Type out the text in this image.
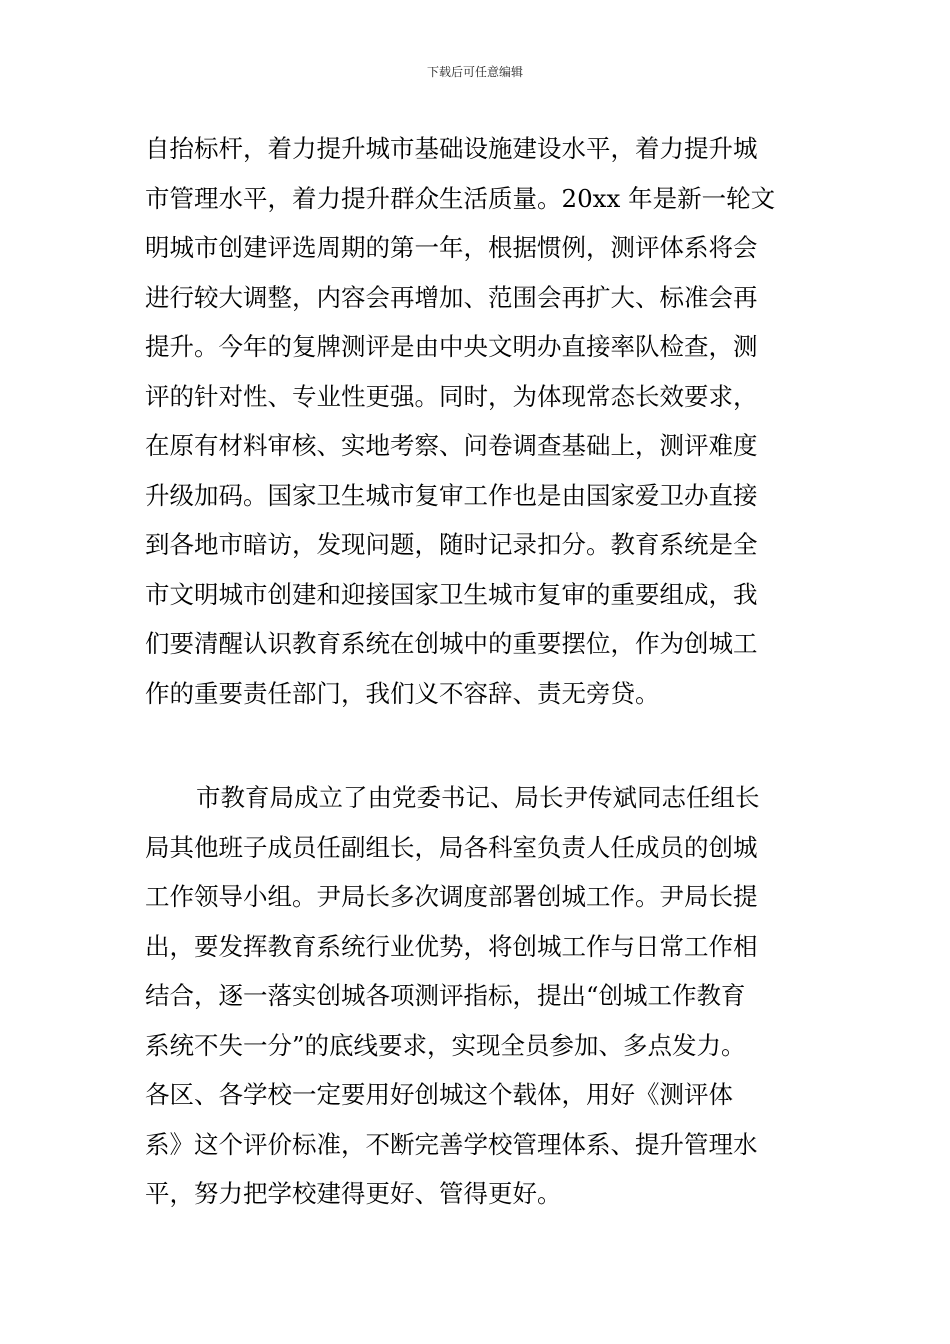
下载后可任意编辑
自抬标杆，着力提升城市基础设施建设水平，着力提升城
市管理水平，着力提升群众生活质量。20xx 年是新一轮文
明城市创建评选周期的第一年，根据惯例，测评体系将会
进行较大调整，内容会再增加、范围会再扩大、标准会再
提升。今年的复牌测评是由中央文明办直接率队检查，测
评的针对性、专业性更强。同时，为体现常态长效要求，
在原有材料审核、实地考察、问卷调查基础上，测评难度
升级加码。国家卫生城市复审工作也是由国家爱卫办直接
到各地市暗访，发现问题，随时记录扣分。教育系统是全
市文明城市创建和迎接国家卫生城市复审的重要组成，我
们要清醒认识教育系统在创城中的重要摆位，作为创城工
作的重要责任部门，我们义不容辞、责无旁贷。
市教育局成立了由党委书记、局长尹传斌同志任组长
局其他班子成员任副组长，局各科室负责人任成员的创城
工作领导小组。尹局长多次调度部署创城工作。尹局长提
出，要发挥教育系统行业优势，将创城工作与日常工作相
结合，逐一落实创城各项测评指标，提出“创城工作教育
系统不失一分”的底线要求，实现全员参加、多点发力。
各区、各学校一定要用好创城这个载体，用好《测评体
系》这个评价标准，不断完善学校管理体系、提升管理水
平，努力把学校建得更好、管得更好。
